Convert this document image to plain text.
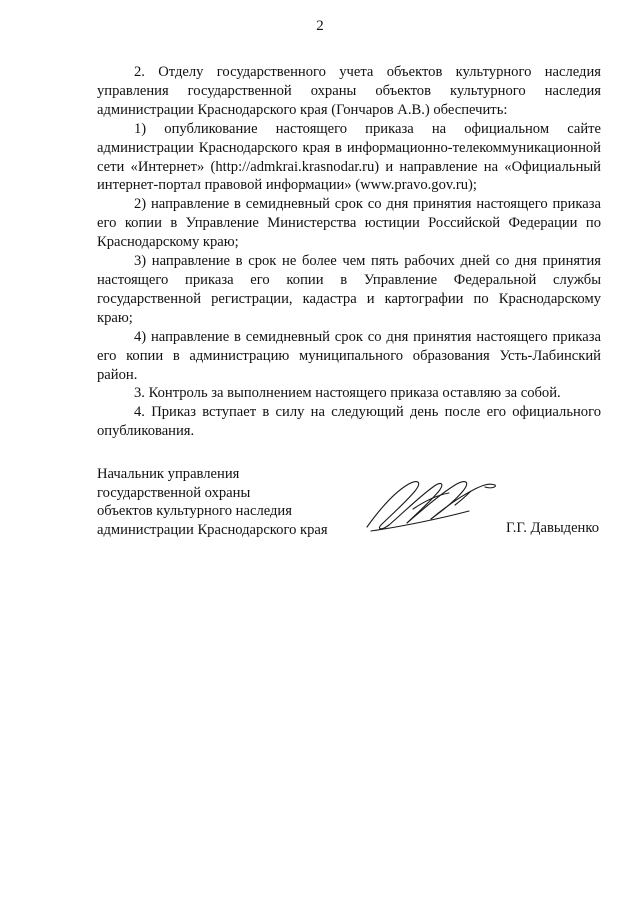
2

2. Отделу государственного учета объектов культурного наследия управления государственной охраны объектов культурного наследия администрации Краснодарского края (Гончаров А.В.) обеспечить:

1) опубликование настоящего приказа на официальном сайте администрации Краснодарского края в информационно-телекоммуникационной сети «Интернет» (http://admkrai.krasnodar.ru) и направление на «Официальный интернет-портал правовой информации» (www.pravo.gov.ru);

2) направление в семидневный срок со дня принятия настоящего приказа его копии в Управление Министерства юстиции Российской Федерации по Краснодарскому краю;

3) направление в срок не более чем пять рабочих дней со дня принятия настоящего приказа его копии в Управление Федеральной службы государственной регистрации, кадастра и картографии по Краснодарскому краю;

4) направление в семидневный срок со дня принятия настоящего приказа его копии в администрацию муниципального образования Усть-Лабинский район.

3. Контроль за выполнением настоящего приказа оставляю за собой.

4. Приказ вступает в силу на следующий день после его официального опубликования.

Начальник управления
государственной охраны
объектов культурного наследия
администрации Краснодарского края	Г.Г. Давыденко
